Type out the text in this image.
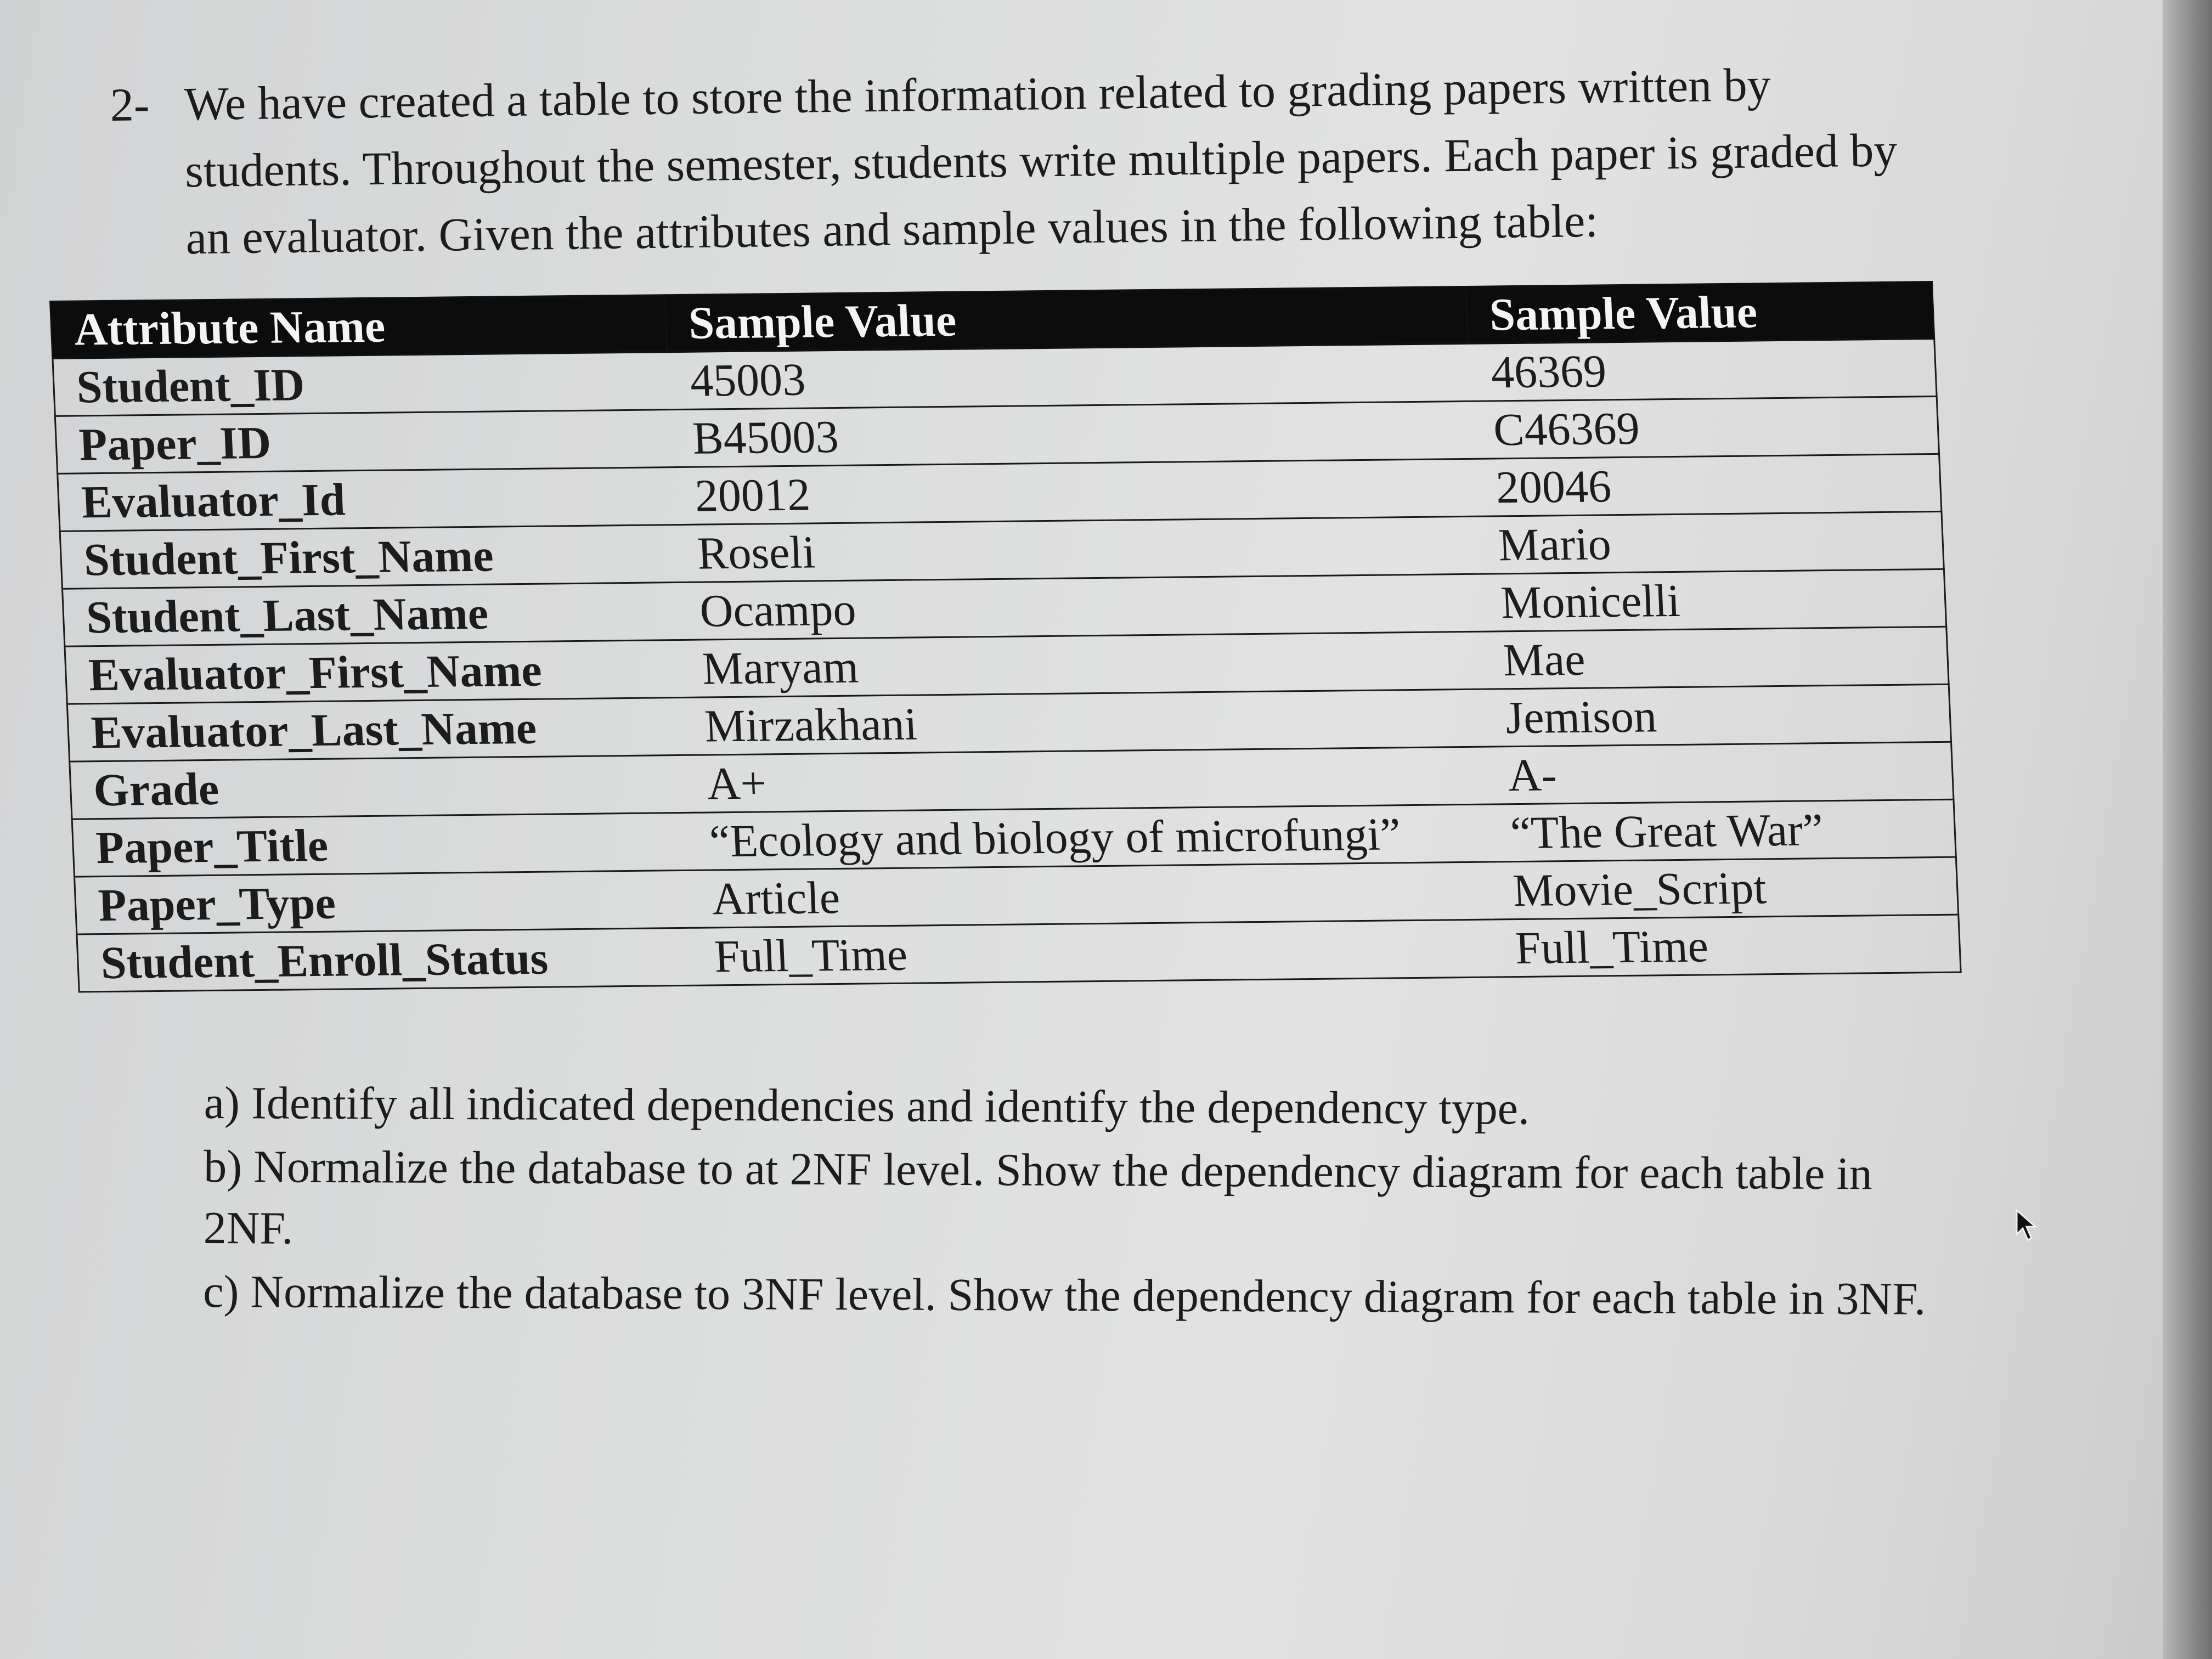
2- We have created a table to store the information related to grading papers written by students. Throughout the semester, students write multiple papers. Each paper is graded by an evaluator. Given the attributes and sample values in the following table:
Attribute Name	Sample Value	Sample Value
Student_ID	45003	46369
Paper_ID	B45003	C46369
Evaluator_Id	20012	20046
Student_First_Name	Roseli	Mario
Student_Last_Name	Ocampo	Monicelli
Evaluator_First_Name	Maryam	Mae
Evaluator_Last_Name	Mirzakhani	Jemison
Grade	A+	A-
Paper_Title	“Ecology and biology of microfungi”	“The Great War”
Paper_Type	Article	Movie_Script
Student_Enroll_Status	Full_Time	Full_Time

a) Identify all indicated dependencies and identify the dependency type.

b) Normalize the database to at 2NF level. Show the dependency diagram for each table in 2NF.

c) Normalize the database to 3NF level. Show the dependency diagram for each table in 3NF.
